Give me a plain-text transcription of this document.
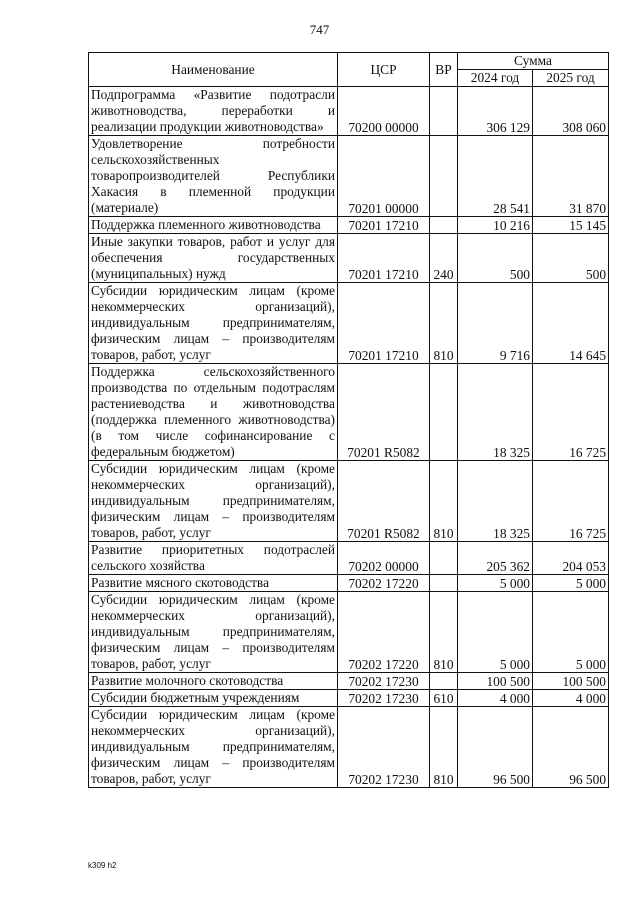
747
Наименование	ЦСР	ВР	Сумма	
			2024 год	2025 год
Подпрограмма «Развитие подотрасли животноводства, переработки и реализации продукции животноводства»	70200 00000		306 129	308 060
Удовлетворение потребности сельскохозяйственных товаропроизводителей Республики Хакасия в племенной продукции (материале)	70201 00000		28 541	31 870
Поддержка племенного животноводства	70201 17210		10 216	15 145
Иные закупки товаров, работ и услуг для обеспечения государственных (муниципальных) нужд	70201 17210	240	500	500
Субсидии юридическим лицам (кроме некоммерческих организаций), индивидуальным предпринимателям, физическим лицам – производителям товаров, работ, услуг	70201 17210	810	9 716	14 645
Поддержка сельскохозяйственного производства по отдельным подотраслям растениеводства и животноводства (поддержка племенного животноводства) (в том числе софинансирование с федеральным бюджетом)	70201 R5082		18 325	16 725
Субсидии юридическим лицам (кроме некоммерческих организаций), индивидуальным предпринимателям, физическим лицам – производителям товаров, работ, услуг	70201 R5082	810	18 325	16 725
Развитие приоритетных подотраслей сельского хозяйства	70202 00000		205 362	204 053
Развитие мясного скотоводства	70202 17220		5 000	5 000
Субсидии юридическим лицам (кроме некоммерческих организаций), индивидуальным предпринимателям, физическим лицам – производителям товаров, работ, услуг	70202 17220	810	5 000	5 000
Развитие молочного скотоводства	70202 17230		100 500	100 500
Субсидии бюджетным учреждениям	70202 17230	610	4 000	4 000
Субсидии юридическим лицам (кроме некоммерческих организаций), индивидуальным предпринимателям, физическим лицам – производителям товаров, работ, услуг	70202 17230	810	96 500	96 500
k309 h2
